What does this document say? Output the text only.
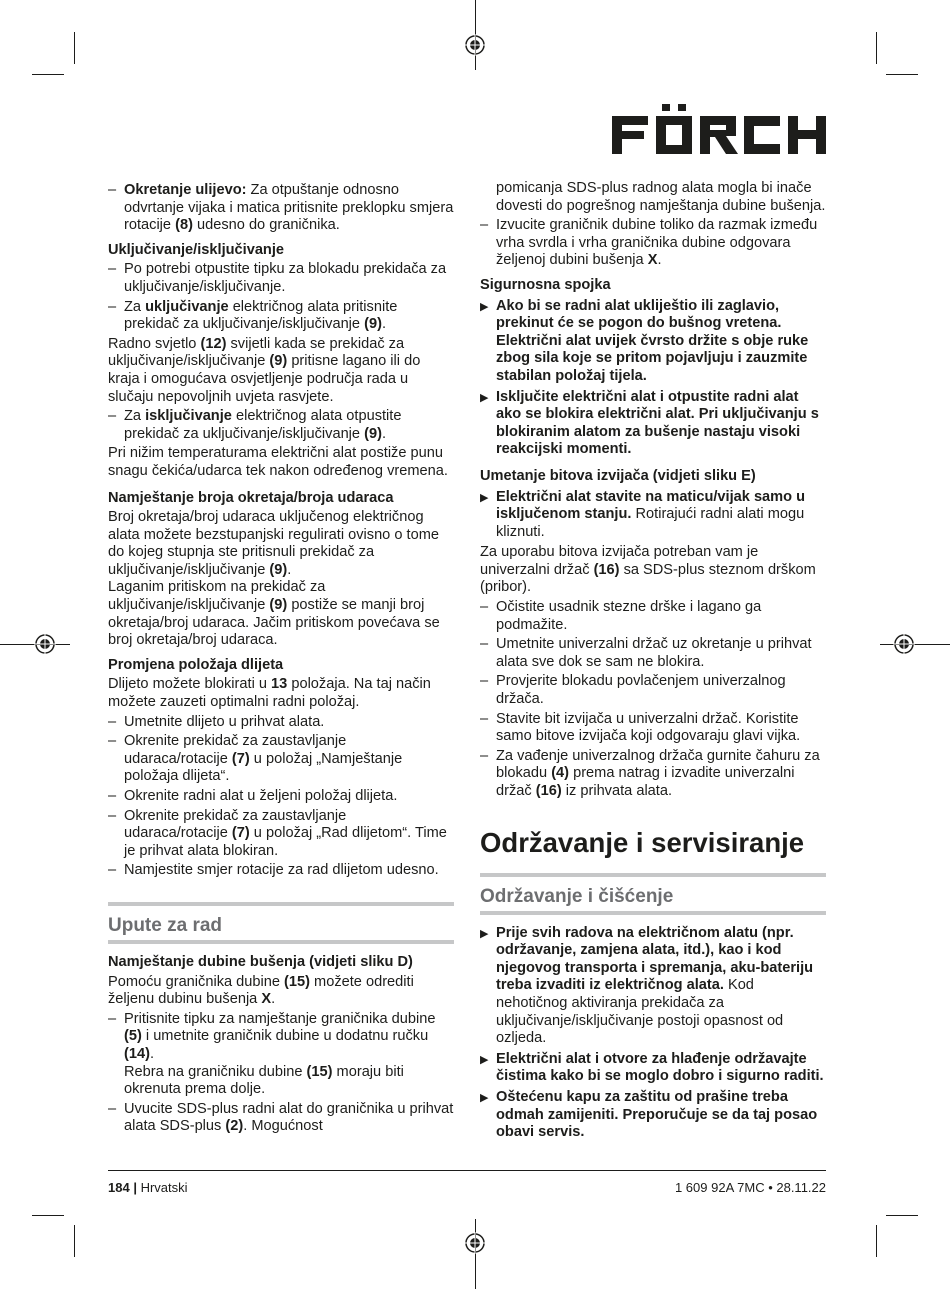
– Okretanje ulijevo: Za otpuštanje odnosno odvrtanje vijaka i matica pritisnite preklopku smjera rotacije (8) udesno do graničnika.

Uključivanje/isključivanje

– Po potrebi otpustite tipku za blokadu prekidača za uključivanje/isključivanje.

– Za uključivanje električnog alata pritisnite prekidač za uključivanje/isključivanje (9).

Radno svjetlo (12) svijetli kada se prekidač za uključivanje/isključivanje (9) pritisne lagano ili do kraja i omogućava osvjetljenje područja rada u slučaju nepovoljnih uvjeta rasvjete.

– Za isključivanje električnog alata otpustite prekidač za uključivanje/isključivanje (9).

Pri nižim temperaturama električni alat postiže punu snagu čekića/udarca tek nakon određenog vremena.

Namještanje broja okretaja/broja udaraca

Broj okretaja/broj udaraca uključenog električnog alata možete bezstupanjski regulirati ovisno o tome do kojeg stupnja ste pritisnuli prekidač za uključivanje/isključivanje (9).

Laganim pritiskom na prekidač za uključivanje/isključivanje (9) postiže se manji broj okretaja/broj udaraca. Jačim pritiskom povećava se broj okretaja/broj udaraca.

Promjena položaja dlijeta

Dlijeto možete blokirati u 13 položaja. Na taj način možete zauzeti optimalni radni položaj.

– Umetnite dlijeto u prihvat alata.

– Okrenite prekidač za zaustavljanje udaraca/rotacije (7) u položaj „Namještanje položaja dlijeta“.

– Okrenite radni alat u željeni položaj dlijeta.

– Okrenite prekidač za zaustavljanje udaraca/rotacije (7) u položaj „Rad dlijetom“. Time je prihvat alata blokiran.

– Namjestite smjer rotacije za rad dlijetom udesno.

Upute za rad

Namještanje dubine bušenja (vidjeti sliku D)

Pomoću graničnika dubine (15) možete odrediti željenu dubinu bušenja X.

– Pritisnite tipku za namještanje graničnika dubine (5) i umetnite graničnik dubine u dodatnu ručku (14).

Rebra na graničniku dubine (15) moraju biti okrenuta prema dolje.

– Uvucite SDS-plus radni alat do graničnika u prihvat alata SDS-plus (2). Mogućnost

pomicanja SDS-plus radnog alata mogla bi inače dovesti do pogrešnog namještanja dubine bušenja.

– Izvucite graničnik dubine toliko da razmak između vrha svrdla i vrha graničnika dubine odgovara željenoj dubini bušenja X.

Sigurnosna spojka

▶ Ako bi se radni alat ukliještio ili zaglavio, prekinut će se pogon do bušnog vretena. Električni alat uvijek čvrsto držite s obje ruke zbog sila koje se pritom pojavljuju i zauzmite stabilan položaj tijela.

▶ Isključite električni alat i otpustite radni alat ako se blokira električni alat. Pri uključivanju s blokiranim alatom za bušenje nastaju visoki reakcijski momenti.

Umetanje bitova izvijača (vidjeti sliku E)

▶ Električni alat stavite na maticu/vijak samo u isključenom stanju. Rotirajući radni alati mogu kliznuti.

Za uporabu bitova izvijača potreban vam je univerzalni držač (16) sa SDS-plus steznom drškom (pribor).

– Očistite usadnik stezne drške i lagano ga podmažite.

– Umetnite univerzalni držač uz okretanje u prihvat alata sve dok se sam ne blokira.

– Provjerite blokadu povlačenjem univerzalnog držača.

– Stavite bit izvijača u univerzalni držač. Koristite samo bitove izvijača koji odgovaraju glavi vijka.

– Za vađenje univerzalnog držača gurnite čahuru za blokadu (4) prema natrag i izvadite univerzalni držač (16) iz prihvata alata.

Održavanje i servisiranje
Održavanje i čišćenje

▶ Prije svih radova na električnom alatu (npr. održavanje, zamjena alata, itd.), kao i kod njegovog transporta i spremanja, aku-bateriju treba izvaditi iz električnog alata. Kod nehotičnog aktiviranja prekidača za uključivanje/isključivanje postoji opasnost od ozljeda.

▶ Električni alat i otvore za hlađenje održavajte čistima kako bi se moglo dobro i sigurno raditi.

▶ Oštećenu kapu za zaštitu od prašine treba odmah zamijeniti. Preporučuje se da taj posao obavi servis.

184 | Hrvatski	1 609 92A 7MC • 28.11.22
